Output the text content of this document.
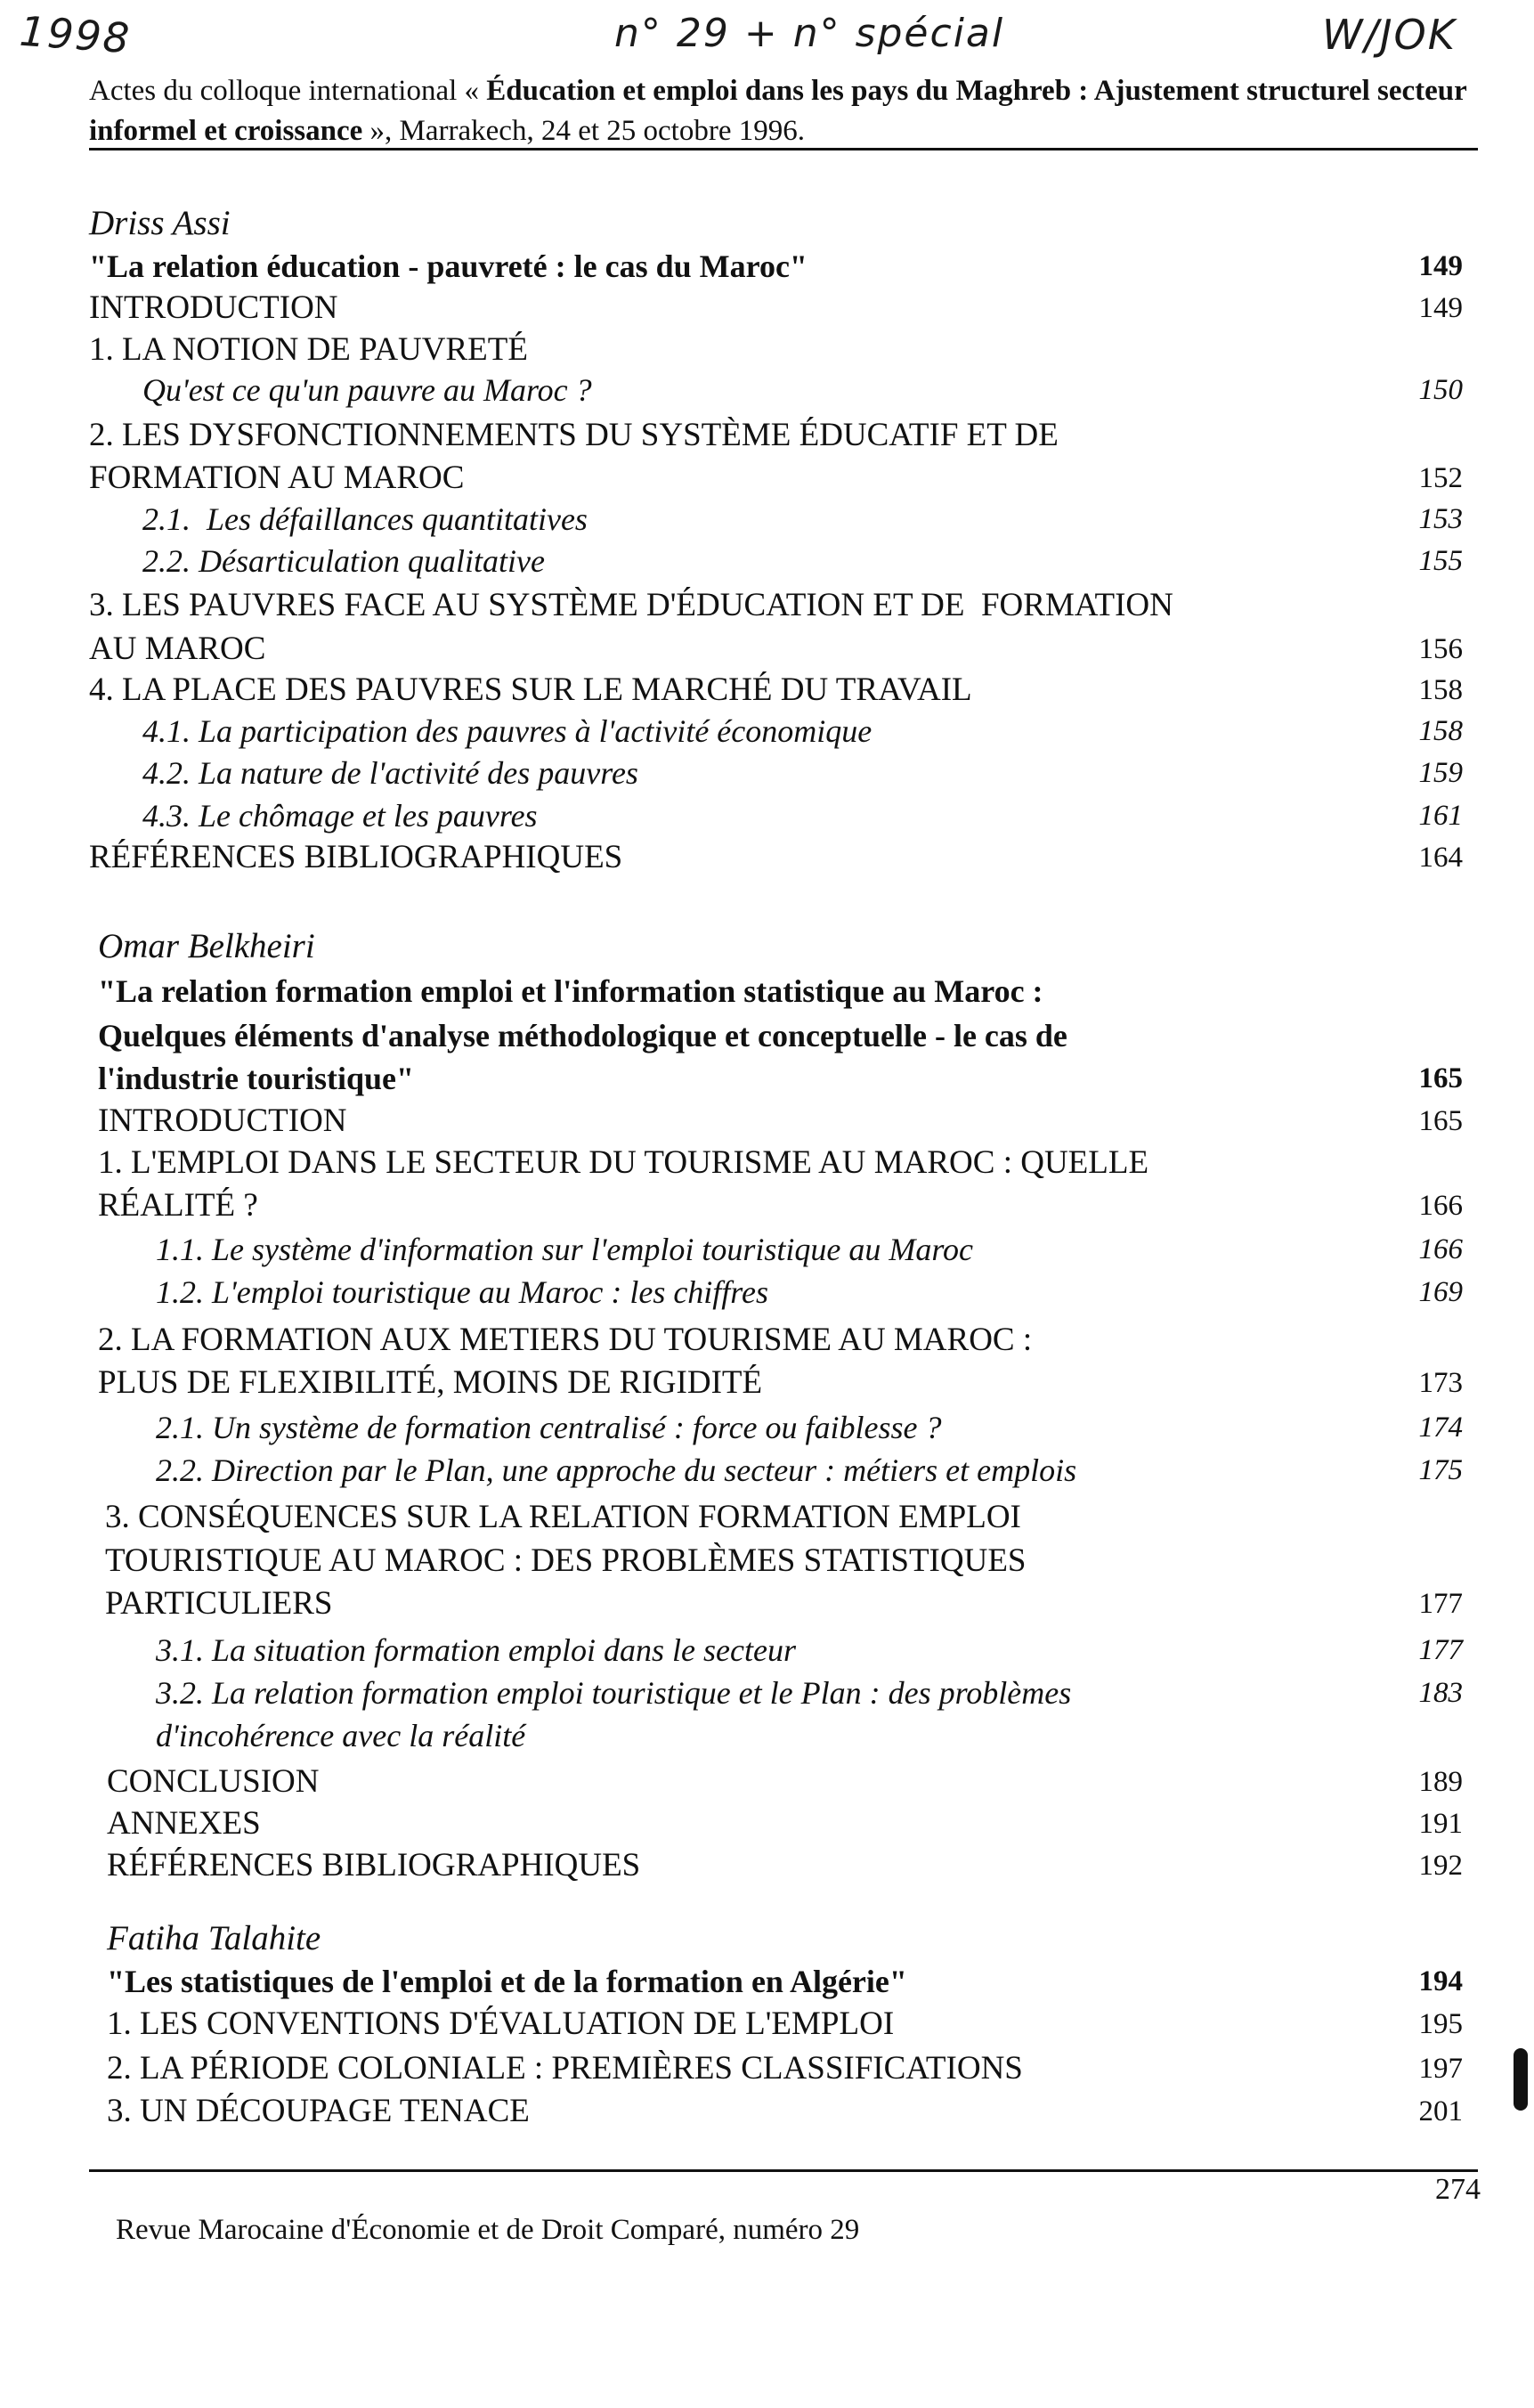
1998	n° 29 + n° spécial	W/JOK
Actes du colloque international « Éducation et emploi dans les pays du Maghreb : Ajustement structurel secteur informel et croissance », Marrakech, 24 et 25 octobre 1996.
Driss Assi
"La relation éducation - pauvreté : le cas du Maroc"	149
INTRODUCTION	149
1. LA NOTION DE PAUVRETÉ
Qu'est ce qu'un pauvre au Maroc ?	150
2. LES DYSFONCTIONNEMENTS DU SYSTÈME ÉDUCATIF ET DE
FORMATION AU MAROC	152
2.1.  Les défaillances quantitatives	153
2.2. Désarticulation qualitative	155
3. LES PAUVRES FACE AU SYSTÈME D'ÉDUCATION ET DE  FORMATION
AU MAROC	156
4. LA PLACE DES PAUVRES SUR LE MARCHÉ DU TRAVAIL	158
4.1. La participation des pauvres à l'activité économique	158
4.2. La nature de l'activité des pauvres	159
4.3. Le chômage et les pauvres	161
RÉFÉRENCES BIBLIOGRAPHIQUES	164
Omar Belkheiri
"La relation formation emploi et l'information statistique au Maroc :
Quelques éléments d'analyse méthodologique et conceptuelle - le cas de
l'industrie touristique"	165
INTRODUCTION	165
1. L'EMPLOI DANS LE SECTEUR DU TOURISME AU MAROC : QUELLE
RÉALITÉ ?	166
1.1. Le système d'information sur l'emploi touristique au Maroc	166
1.2. L'emploi touristique au Maroc : les chiffres	169
2. LA FORMATION AUX METIERS DU TOURISME AU MAROC :
PLUS DE FLEXIBILITÉ, MOINS DE RIGIDITÉ	173
2.1. Un système de formation centralisé : force ou faiblesse ?	174
2.2. Direction par le Plan, une approche du secteur : métiers et emplois	175
3. CONSÉQUENCES SUR LA RELATION FORMATION EMPLOI
TOURISTIQUE AU MAROC : DES PROBLÈMES STATISTIQUES
PARTICULIERS	177
3.1. La situation formation emploi dans le secteur	177
3.2. La relation formation emploi touristique et le Plan : des problèmes	183
d'incohérence avec la réalité
CONCLUSION	189
ANNEXES	191
RÉFÉRENCES BIBLIOGRAPHIQUES	192
Fatiha Talahite
"Les statistiques de l'emploi et de la formation en Algérie"	194
1. LES CONVENTIONS D'ÉVALUATION DE L'EMPLOI	195
2. LA PÉRIODE COLONIALE : PREMIÈRES CLASSIFICATIONS	197
3. UN DÉCOUPAGE TENACE	201
274
Revue Marocaine d'Économie et de Droit Comparé, numéro 29
